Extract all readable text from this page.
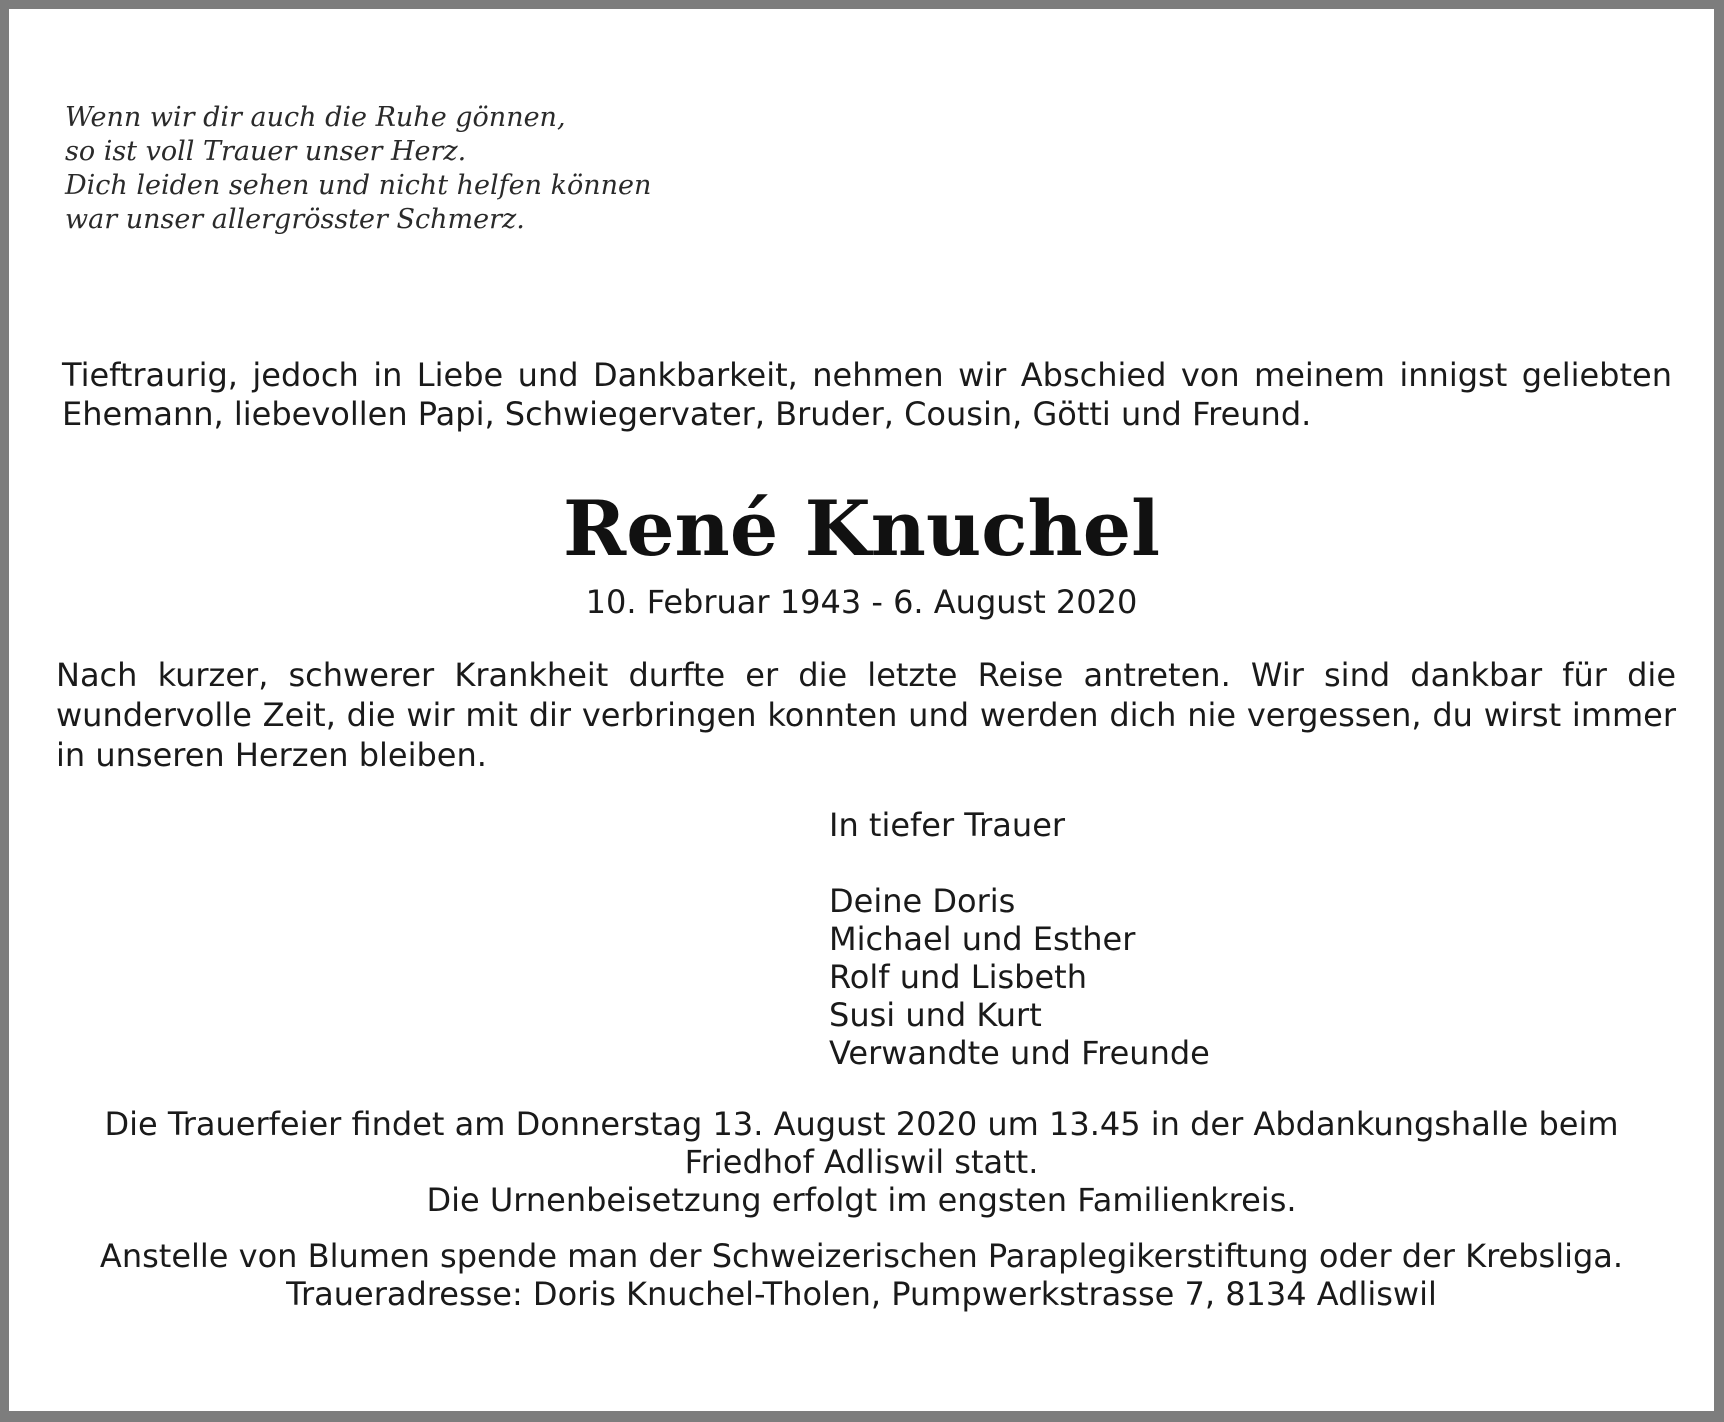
Wenn wir dir auch die Ruhe gönnen,
so ist voll Trauer unser Herz.
Dich leiden sehen und nicht helfen können
war unser allergrösster Schmerz.
Tieftraurig, jedoch in Liebe und Dankbarkeit, nehmen wir Abschied von meinem innigst geliebten Ehemann, liebevollen Papi, Schwiegervater, Bruder, Cousin, Götti und Freund.
René Knuchel
10. Februar 1943 - 6. August 2020
Nach kurzer, schwerer Krankheit durfte er die letzte Reise antreten. Wir sind dankbar für die wundervolle Zeit, die wir mit dir verbringen konnten und werden dich nie vergessen, du wirst immer in unseren Herzen bleiben.
In tiefer Trauer
Deine Doris
Michael und Esther
Rolf und Lisbeth
Susi und Kurt
Verwandte und Freunde
Die Trauerfeier findet am Donnerstag 13. August 2020 um 13.45 in der Abdankungshalle beim
Friedhof Adliswil statt.
Die Urnenbeisetzung erfolgt im engsten Familienkreis.
Anstelle von Blumen spende man der Schweizerischen Paraplegikerstiftung oder der Krebsliga.
Traueradresse: Doris Knuchel-Tholen, Pumpwerkstrasse 7, 8134 Adliswil
